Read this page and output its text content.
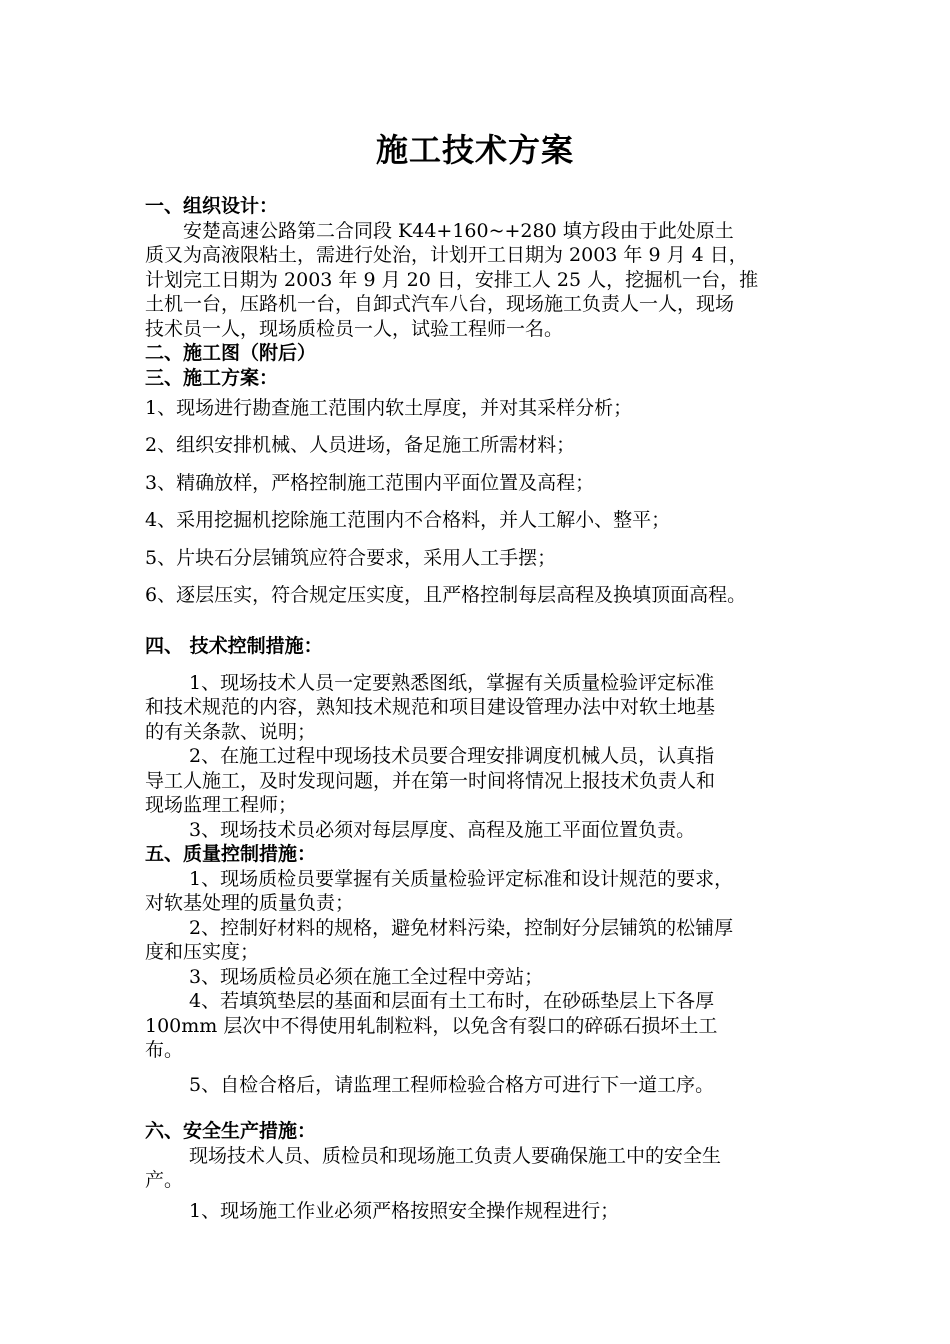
施工技术方案

一、组织设计：

安楚高速公路第二合同段 K44+160~+280 填方段由于此处原土

质又为高液限粘土，需进行处治，计划开工日期为 2003 年 9 月 4 日，

计划完工日期为 2003 年 9 月 20 日，安排工人 25 人，挖掘机一台，推

土机一台，压路机一台，自卸式汽车八台，现场施工负责人一人，现场

技术员一人，现场质检员一人，试验工程师一名。

二、施工图（附后）

三、施工方案：

1、现场进行勘查施工范围内软土厚度，并对其采样分析；

2、组织安排机械、人员进场，备足施工所需材料；

3、精确放样，严格控制施工范围内平面位置及高程；

4、采用挖掘机挖除施工范围内不合格料，并人工解小、整平；

5、片块石分层铺筑应符合要求，采用人工手摆；

6、逐层压实，符合规定压实度，且严格控制每层高程及换填顶面高程。

四、 技术控制措施：

1、现场技术人员一定要熟悉图纸，掌握有关质量检验评定标准

和技术规范的内容，熟知技术规范和项目建设管理办法中对软土地基

的有关条款、说明；

2、在施工过程中现场技术员要合理安排调度机械人员，认真指

导工人施工，及时发现问题，并在第一时间将情况上报技术负责人和

现场监理工程师；

3、现场技术员必须对每层厚度、高程及施工平面位置负责。

五、质量控制措施：

1、现场质检员要掌握有关质量检验评定标准和设计规范的要求，

对软基处理的质量负责；

2、控制好材料的规格，避免材料污染，控制好分层铺筑的松铺厚

度和压实度；

3、现场质检员必须在施工全过程中旁站；

4、若填筑垫层的基面和层面有土工布时，在砂砾垫层上下各厚

100mm 层次中不得使用轧制粒料，以免含有裂口的碎砾石损坏土工

布。

5、自检合格后，请监理工程师检验合格方可进行下一道工序。

六、安全生产措施：

现场技术人员、质检员和现场施工负责人要确保施工中的安全生

产。

1、现场施工作业必须严格按照安全操作规程进行；
